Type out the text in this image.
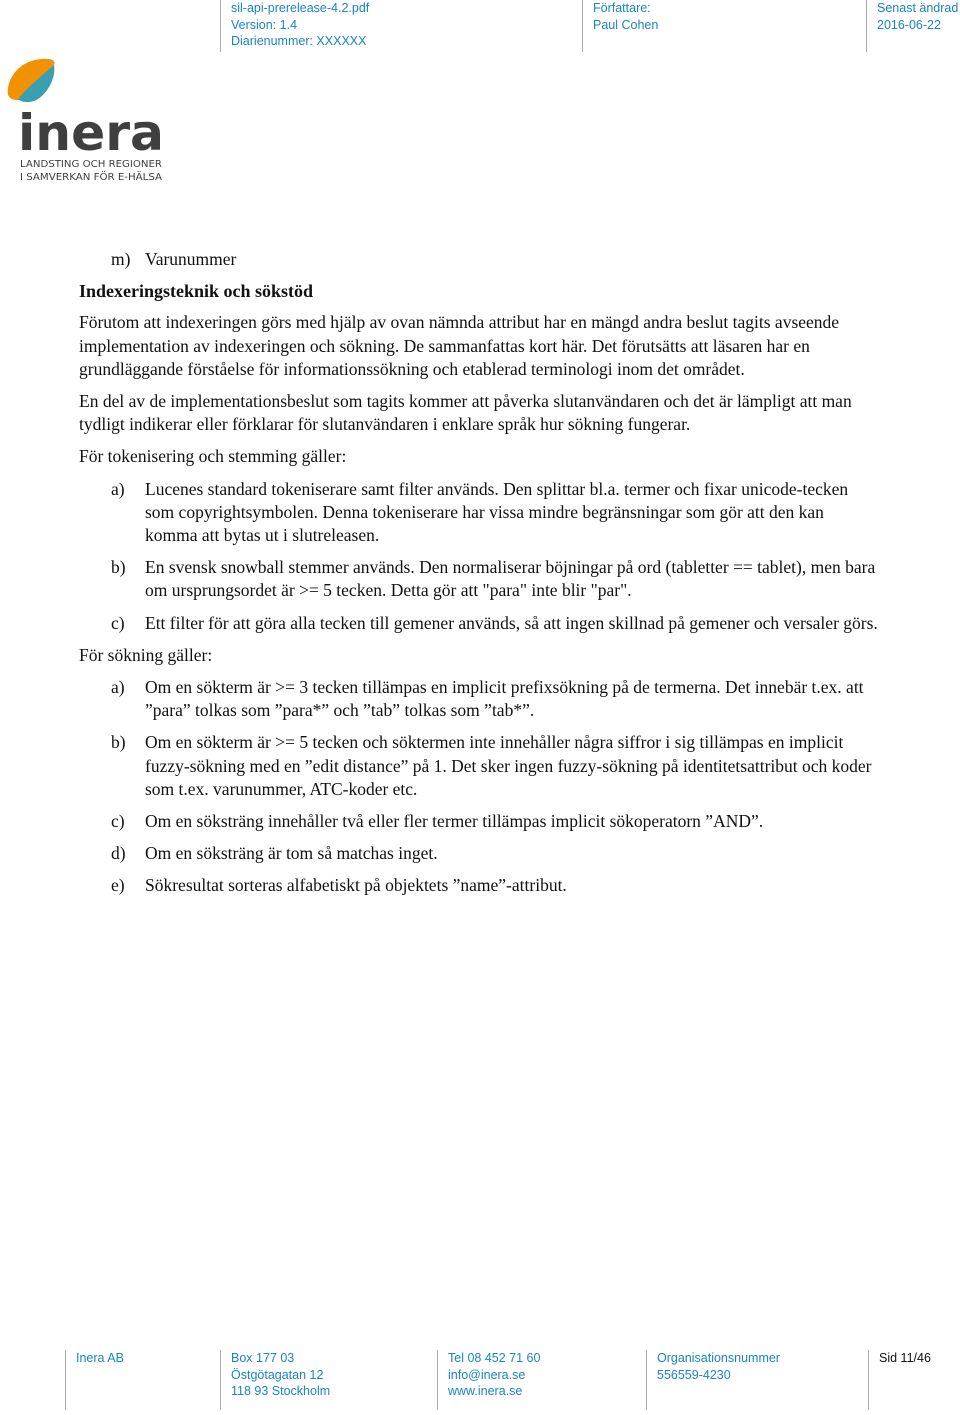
sil-api-prerelease-4.2.pdf
Version: 1.4
Diarienummer: XXXXXX
Författare:
Paul Cohen
Senast ändrad
2016-06-22
inera
LANDSTING OCH REGIONER
I SAMVERKAN FÖR E-HÄLSA
m) Varunummer
Indexeringsteknik och sökstöd

Förutom att indexeringen görs med hjälp av ovan nämnda attribut har en mängd andra beslut tagits avseende implementation av indexeringen och sökning. De sammanfattas kort här. Det förutsätts att läsaren har en grundläggande förståelse för informationssökning och etablerad terminologi inom det området.

En del av de implementationsbeslut som tagits kommer att påverka slutanvändaren och det är lämpligt att man tydligt indikerar eller förklarar för slutanvändaren i enklare språk hur sökning fungerar.

För tokenisering och stemming gäller:

a) Lucenes standard tokeniserare samt filter används. Den splittar bl.a. termer och fixar unicode-tecken som copyrightsymbolen. Denna tokeniserare har vissa mindre begränsningar som gör att den kan komma att bytas ut i slutreleasen.
b) En svensk snowball stemmer används. Den normaliserar böjningar på ord (tabletter == tablet), men bara om ursprungsordet är >= 5 tecken. Detta gör att "para" inte blir "par".
c) Ett filter för att göra alla tecken till gemener används, så att ingen skillnad på gemener och versaler görs.

För sökning gäller:

a) Om en sökterm är >= 3 tecken tillämpas en implicit prefixsökning på de termerna. Det innebär t.ex. att ”para” tolkas som ”para*” och ”tab” tolkas som ”tab*”.
b) Om en sökterm är >= 5 tecken och söktermen inte innehåller några siffror i sig tillämpas en implicit fuzzy-sökning med en ”edit distance” på 1. Det sker ingen fuzzy-sökning på identitetsattribut och koder som t.ex. varunummer, ATC-koder etc.
c) Om en söksträng innehåller två eller fler termer tillämpas implicit sökoperatorn ”AND”.
d) Om en söksträng är tom så matchas inget.
e) Sökresultat sorteras alfabetiskt på objektets ”name”-attribut.
Inera AB	Box 177 03
Östgötagatan 12
118 93 Stockholm
Tel 08 452 71 60
info@inera.se
www.inera.se
Organisationsnummer
556559-4230
Sid 11/46
